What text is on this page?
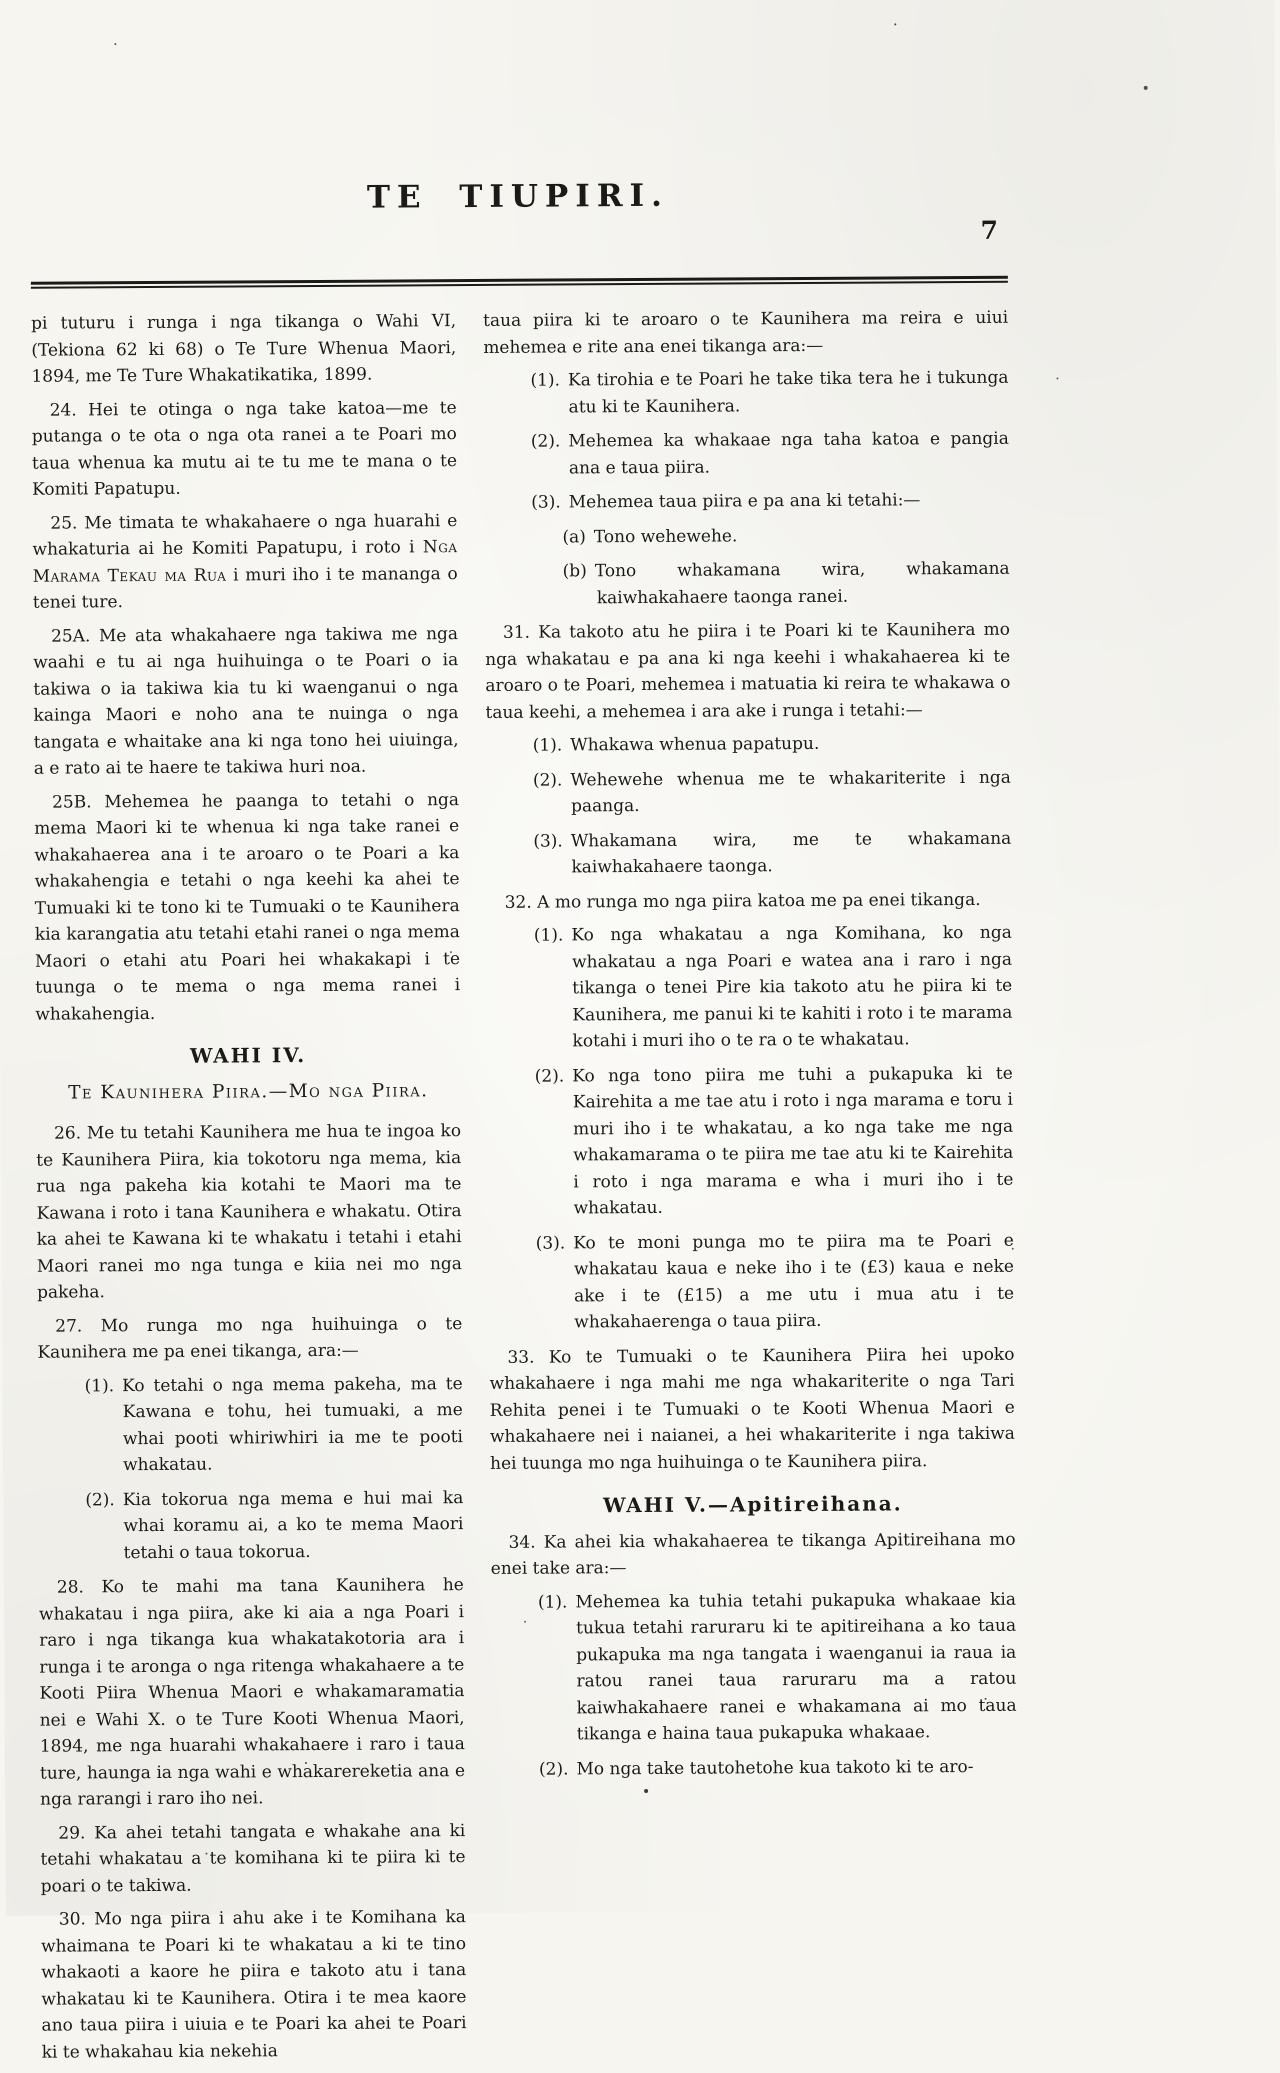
TE TIUPIRI.
7

pi tuturu i runga i nga tikanga o Wahi VI, (Tekiona 62 ki 68) o Te Ture Whenua Maori, 1894, me Te Ture Whakatikatika, 1899.

24. Hei te otinga o nga take katoa—me te putanga o te ota o nga ota ranei a te Poari mo taua whenua ka mutu ai te tu me te mana o te Komiti Papatupu.

25. Me timata te whakahaere o nga huarahi e whakaturia ai he Komiti Papatupu, i roto i Nga Marama Tekau ma Rua i muri iho i te mananga o tenei ture.

25A. Me ata whakahaere nga takiwa me nga waahi e tu ai nga huihuinga o te Poari o ia takiwa o ia takiwa kia tu ki waenganui o nga kainga Maori e noho ana te nuinga o nga tangata e whaitake ana ki nga tono hei uiuinga, a e rato ai te haere te takiwa huri noa.

25B. Mehemea he paanga to tetahi o nga mema Maori ki te whenua ki nga take ranei e whakahaerea ana i te aroaro o te Poari a ka whakahengia e tetahi o nga keehi ka ahei te Tumuaki ki te tono ki te Tumuaki o te Kaunihera kia karangatia atu tetahi etahi ranei o nga mema Maori o etahi atu Poari hei whakakapi i te tuunga o te mema o nga mema ranei i whakahengia.

WAHI IV.

Te Kaunihera Piira.—Mo nga Piira.

26. Me tu tetahi Kaunihera me hua te ingoa ko te Kaunihera Piira, kia tokotoru nga mema, kia rua nga pakeha kia kotahi te Maori ma te Kawana i roto i tana Kaunihera e whakatu. Otira ka ahei te Kawana ki te whakatu i tetahi i etahi Maori ranei mo nga tunga e kiia nei mo nga pakeha.

27. Mo runga mo nga huihuinga o te Kaunihera me pa enei tikanga, ara:—

(1). Ko tetahi o nga mema pakeha, ma te Kawana e tohu, hei tumuaki, a me whai pooti whiriwhiri ia me te pooti whakatau.

(2). Kia tokorua nga mema e hui mai ka whai koramu ai, a ko te mema Maori tetahi o taua tokorua.

28. Ko te mahi ma tana Kaunihera he whakatau i nga piira, ake ki aia a nga Poari i raro i nga tikanga kua whakatakotoria ara i runga i te aronga o nga ritenga whakahaere a te Kooti Piira Whenua Maori e whakamaramatia nei e Wahi X. o te Ture Kooti Whenua Maori, 1894, me nga huarahi whakahaere i raro i taua ture, haunga ia nga wahi e whakarereketia ana e nga rarangi i raro iho nei.

29. Ka ahei tetahi tangata e whakahe ana ki tetahi whakatau a te komihana ki te piira ki te poari o te takiwa.

30. Mo nga piira i ahu ake i te Komihana ka whaimana te Poari ki te whakatau a ki te tino whakaoti a kaore he piira e takoto atu i tana whakatau ki te Kaunihera. Otira i te mea kaore ano taua piira i uiuia e te Poari ka ahei te Poari ki te whakahau kia nekehia

taua piira ki te aroaro o te Kaunihera ma reira e uiui mehemea e rite ana enei tikanga ara:—

(1). Ka tirohia e te Poari he take tika tera he i tukunga atu ki te Kaunihera.

(2). Mehemea ka whakaae nga taha katoa e pangia ana e taua piira.

(3). Mehemea taua piira e pa ana ki tetahi:—

(a) Tono wehewehe.

(b) Tono whakamana wira, whakamana kaiwhakahaere taonga ranei.

31. Ka takoto atu he piira i te Poari ki te Kaunihera mo nga whakatau e pa ana ki nga keehi i whakahaerea ki te aroaro o te Poari, mehemea i matuatia ki reira te whakawa o taua keehi, a mehemea i ara ake i runga i tetahi:—

(1). Whakawa whenua papatupu.

(2). Wehewehe whenua me te whakariterite i nga paanga.

(3). Whakamana wira, me te whakamana kaiwhakahaere taonga.

32. A mo runga mo nga piira katoa me pa enei tikanga.

(1). Ko nga whakatau a nga Komihana, ko nga whakatau a nga Poari e watea ana i raro i nga tikanga o tenei Pire kia takoto atu he piira ki te Kaunihera, me panui ki te kahiti i roto i te marama kotahi i muri iho o te ra o te whakatau.

(2). Ko nga tono piira me tuhi a pukapuka ki te Kairehita a me tae atu i roto i nga marama e toru i muri iho i te whakatau, a ko nga take me nga whakamarama o te piira me tae atu ki te Kairehita i roto i nga marama e wha i muri iho i te whakatau.

(3). Ko te moni punga mo te piira ma te Poari e whakatau kaua e neke iho i te (£3) kaua e neke ake i te (£15) a me utu i mua atu i te whakahaerenga o taua piira.

33. Ko te Tumuaki o te Kaunihera Piira hei upoko whakahaere i nga mahi me nga whakariterite o nga Tari Rehita penei i te Tumuaki o te Kooti Whenua Maori e whakahaere nei i naianei, a hei whakariterite i nga takiwa hei tuunga mo nga huihuinga o te Kaunihera piira.

WAHI V.—Apitireihana.

34. Ka ahei kia whakahaerea te tikanga Apitireihana mo enei take ara:—

(1). Mehemea ka tuhia tetahi pukapuka whakaae kia tukua tetahi raruraru ki te apitireihana a ko taua pukapuka ma nga tangata i waenganui ia raua ia ratou ranei taua raruraru ma a ratou kaiwhakahaere ranei e whakamana ai mo taua tikanga e haina taua pukapuka whakaae.

(2). Mo nga take tautohetohe kua takoto ki te aro-
